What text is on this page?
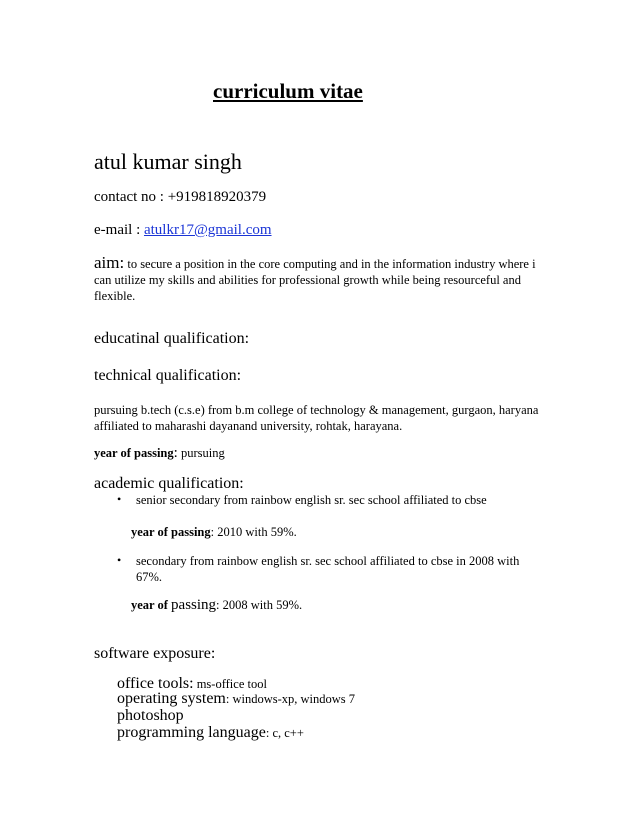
curriculum vitae
atul kumar singh
contact no : +919818920379
e-mail : atulkr17@gmail.com
aim: to secure a position in the core computing and in the information industry where i can utilize my skills and abilities for professional growth while being resourceful and flexible.
educatinal qualification:
technical qualification:
pursuing b.tech (c.s.e) from b.m college of technology & management, gurgaon, haryana affiliated to maharashi dayanand university, rohtak, harayana.
year of passing: pursuing
academic qualification:
• senior secondary from rainbow english sr. sec school affiliated to cbse
year of passing: 2010 with 59%.
• secondary from rainbow english sr. sec school affiliated to cbse in 2008 with 67%.
year of passing: 2008 with 59%.
software exposure:
office tools: ms-office tool
operating system: windows-xp, windows 7
photoshop
programming language: c, c++
